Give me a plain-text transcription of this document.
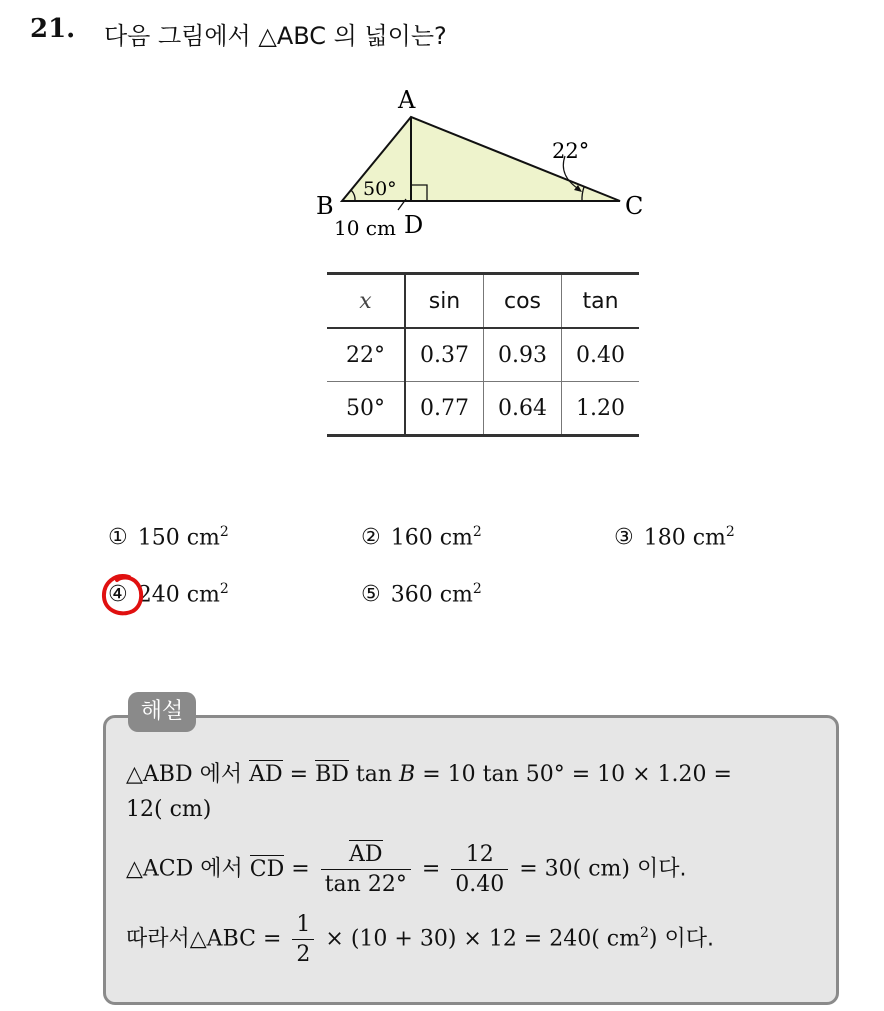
21. 다음 그림에서 △ABC 의 넓이는?
A
B	C
D
50°
22°
10 cm
x	sin	cos	tan
22°	0.37	0.93	0.40
50°	0.77	0.64	1.20
① 150 $cm^2$	② 160 $cm^2$	③ 180 $cm^2$
④ 240 $cm^2$	⑤ 360 $cm^2$
해설
△ABD 에서 AD = BD tan B = 10 tan 50° = 10 × 1.20 =
12( cm)
△ACD 에서 CD = $\frac{AD}{\tan 22^\circ} = \frac{12}{0.40} = 30$( cm) 이다.
따라서△ABC = $\frac{1}{2} \times (10 + 30) \times 12 = 240$( $cm^2$) 이다.
